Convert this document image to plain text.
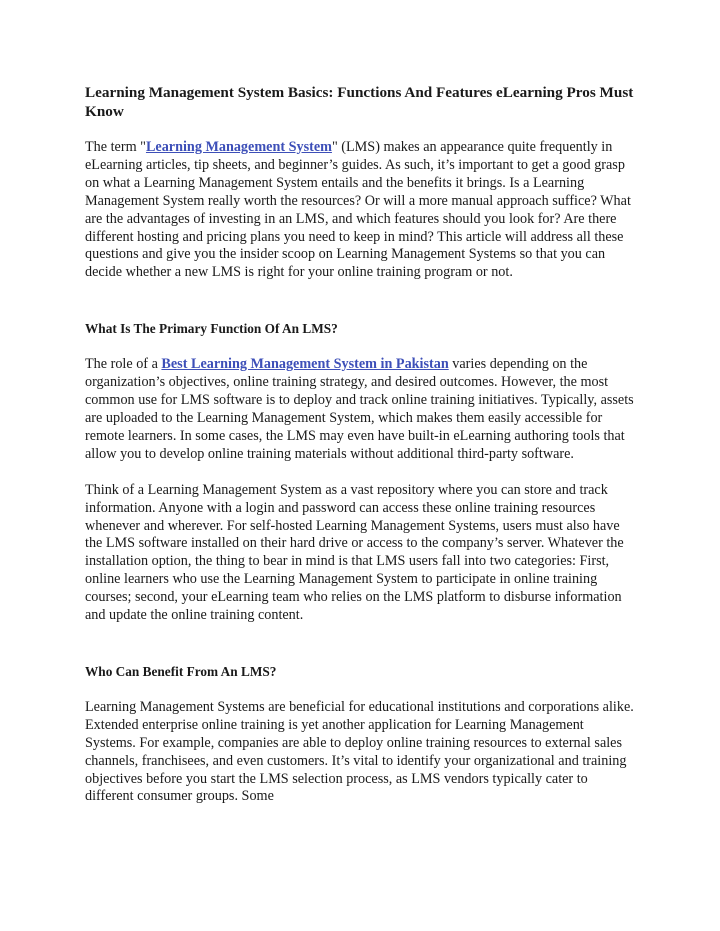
Learning Management System Basics: Functions And Features eLearning Pros Must Know

The term "Learning Management System" (LMS) makes an appearance quite frequently in eLearning articles, tip sheets, and beginner’s guides. As such, it’s important to get a good grasp on what a Learning Management System entails and the benefits it brings. Is a Learning Management System really worth the resources? Or will a more manual approach suffice? What are the advantages of investing in an LMS, and which features should you look for? Are there different hosting and pricing plans you need to keep in mind? This article will address all these questions and give you the insider scoop on Learning Management Systems so that you can decide whether a new LMS is right for your online training program or not.

What Is The Primary Function Of An LMS?

The role of a Best Learning Management System in Pakistan varies depending on the organization’s objectives, online training strategy, and desired outcomes. However, the most common use for LMS software is to deploy and track online training initiatives. Typically, assets are uploaded to the Learning Management System, which makes them easily accessible for remote learners. In some cases, the LMS may even have built-in eLearning authoring tools that allow you to develop online training materials without additional third-party software.

Think of a Learning Management System as a vast repository where you can store and track information. Anyone with a login and password can access these online training resources whenever and wherever. For self-hosted Learning Management Systems, users must also have the LMS software installed on their hard drive or access to the company’s server. Whatever the installation option, the thing to bear in mind is that LMS users fall into two categories: First, online learners who use the Learning Management System to participate in online training courses; second, your eLearning team who relies on the LMS platform to disburse information and update the online training content.

Who Can Benefit From An LMS?

Learning Management Systems are beneficial for educational institutions and corporations alike. Extended enterprise online training is yet another application for Learning Management Systems. For example, companies are able to deploy online training resources to external sales channels, franchisees, and even customers. It’s vital to identify your organizational and training objectives before you start the LMS selection process, as LMS vendors typically cater to different consumer groups. Some
